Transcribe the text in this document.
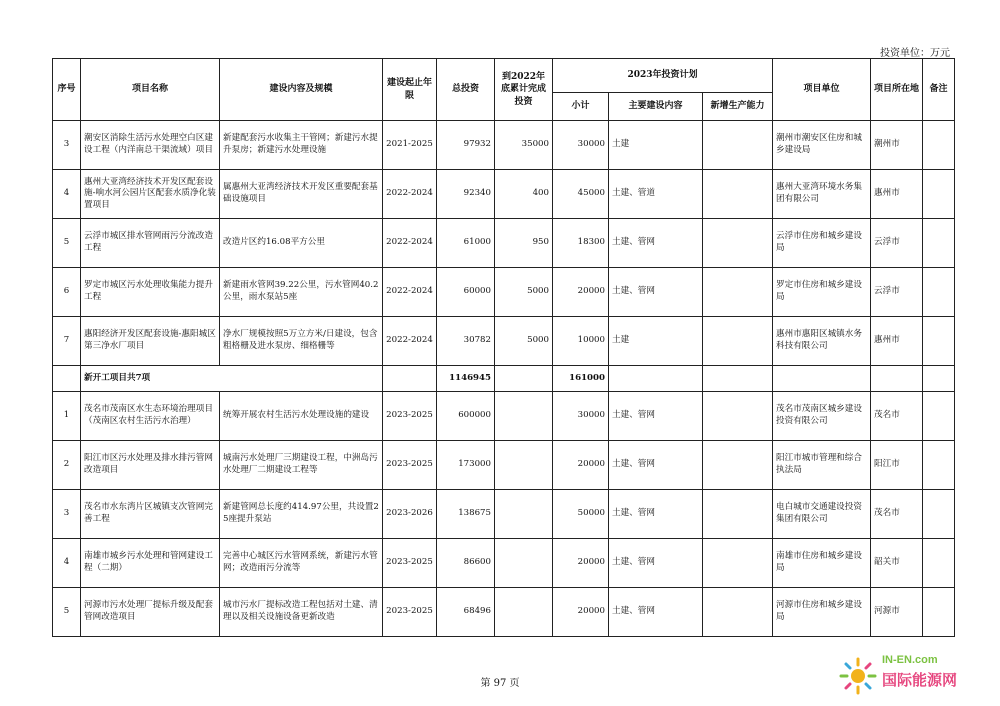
投资单位：万元
序号	项目名称	建设内容及规模	建设起止年限	总投资	到2022年底累计完成投资	2023年投资计划			项目单位	项目所在地	备注
						小计	主要建设内容	新增生产能力			
3	潮安区消除生活污水处理空白区建设工程（内洋南总干渠流域）项目	新建配套污水收集主干管网；新建污水提升泵房；新建污水处理设施	2021-2025	97932	35000	30000	土建		潮州市潮安区住房和城乡建设局	潮州市	
4	惠州大亚湾经济技术开发区配套设施-响水河公园片区配套水质净化装置项目	属惠州大亚湾经济技术开发区重要配套基础设施项目	2022-2024	92340	400	45000	土建、管道		惠州大亚湾环境水务集团有限公司	惠州市	
5	云浮市城区排水管网雨污分流改造工程	改造片区约16.08平方公里	2022-2024	61000	950	18300	土建、管网		云浮市住房和城乡建设局	云浮市	
6	罗定市城区污水处理收集能力提升工程	新建雨水管网39.22公里，污水管网40.2公里，雨水泵站5座	2022-2024	60000	5000	20000	土建、管网		罗定市住房和城乡建设局	云浮市	
7	惠阳经济开发区配套设施-惠阳城区第三净水厂项目	净水厂规模按照5万立方米/日建设，包含粗格栅及进水泵房、细格栅等	2022-2024	30782	5000	10000	土建		惠州市惠阳区城镇水务科技有限公司	惠州市	
	新开工项目共7项			1146945		161000					
1	茂名市茂南区水生态环境治理项目（茂南区农村生活污水治理）	统筹开展农村生活污水处理设施的建设	2023-2025	600000		30000	土建、管网		茂名市茂南区城乡建设投资有限公司	茂名市	
2	阳江市区污水处理及排水排污管网改造项目	城南污水处理厂三期建设工程，中洲岛污水处理厂二期建设工程等	2023-2025	173000		20000	土建、管网		阳江市城市管理和综合执法局	阳江市	
3	茂名市水东湾片区城镇支次管网完善工程	新建管网总长度约414.97公里，共设置25座提升泵站	2023-2026	138675		50000	土建、管网		电白城市交通建设投资集团有限公司	茂名市	
4	南雄市城乡污水处理和管网建设工程（二期）	完善中心城区污水管网系统，新建污水管网；改造雨污分流等	2023-2025	86600		20000	土建、管网		南雄市住房和城乡建设局	韶关市	
5	河源市污水处理厂提标升级及配套管网改造项目	城市污水厂提标改造工程包括对土建、清理以及相关设施设备更新改造	2023-2025	68496		20000	土建、管网		河源市住房和城乡建设局	河源市	
第 97 页
IN-EN.com
国际能源网
